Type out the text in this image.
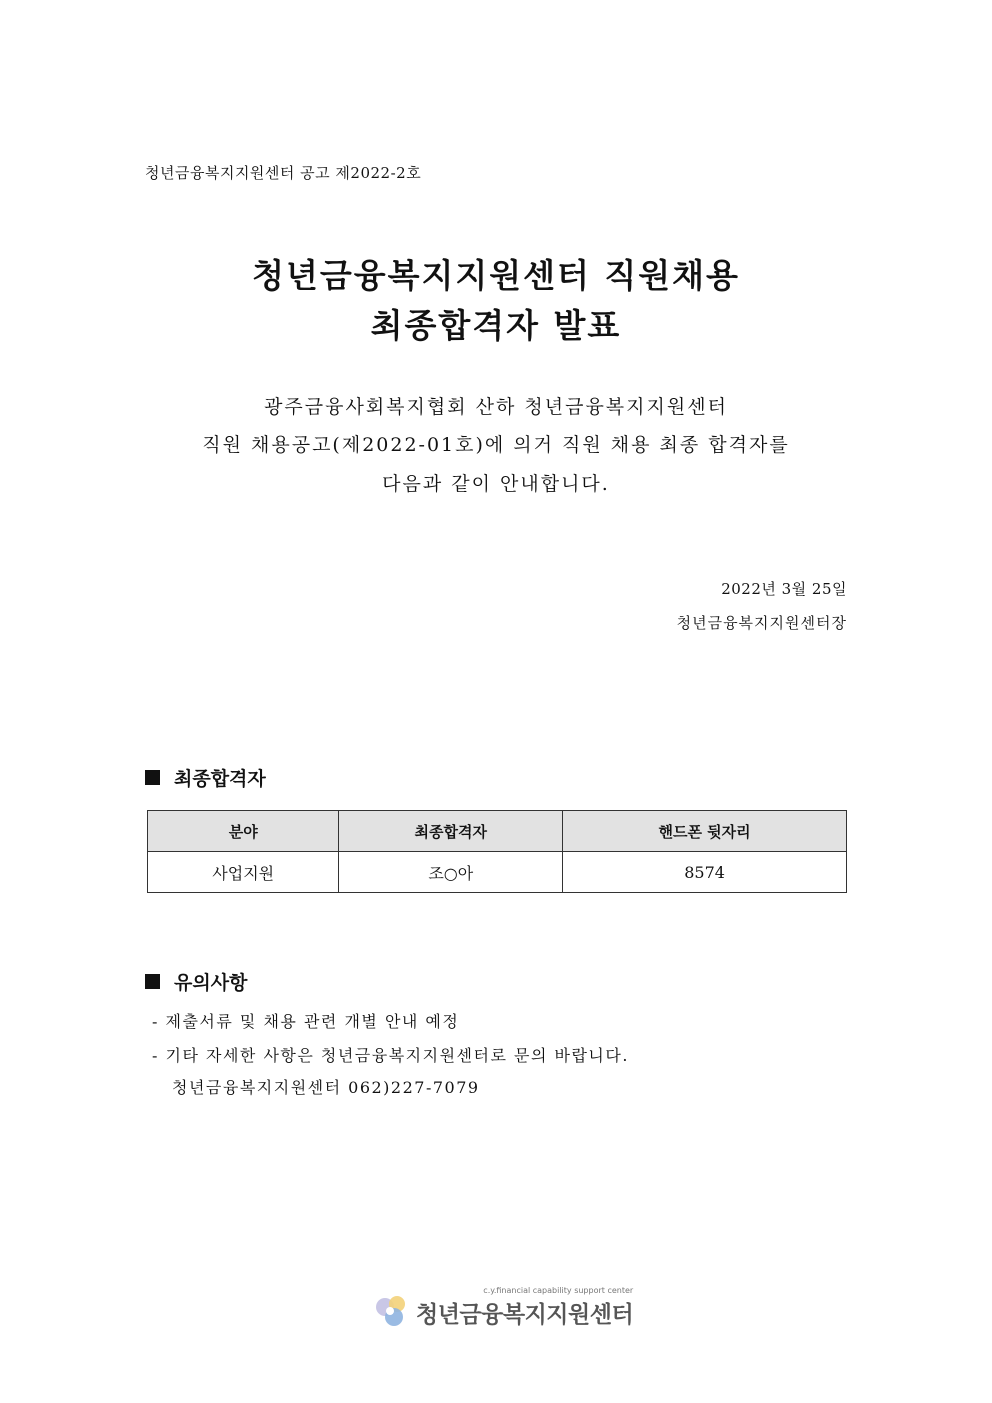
청년금융복지지원센터 공고 제2022-2호
청년금융복지지원센터 직원채용
최종합격자 발표
광주금융사회복지협회 산하 청년금융복지지원센터
직원 채용공고(제2022-01호)에 의거 직원 채용 최종 합격자를
다음과 같이 안내합니다.
2022년 3월 25일
청년금융복지지원센터장
최종합격자
분야	최종합격자	핸드폰 뒷자리
사업지원	조○아	8574
유의사항
- 제출서류 및 채용 관련 개별 안내 예정
- 기타 자세한 사항은 청년금융복지지원센터로 문의 바랍니다.
청년금융복지지원센터 062)227-7079
c.y.financial capability support center
청년금융복지지원센터
